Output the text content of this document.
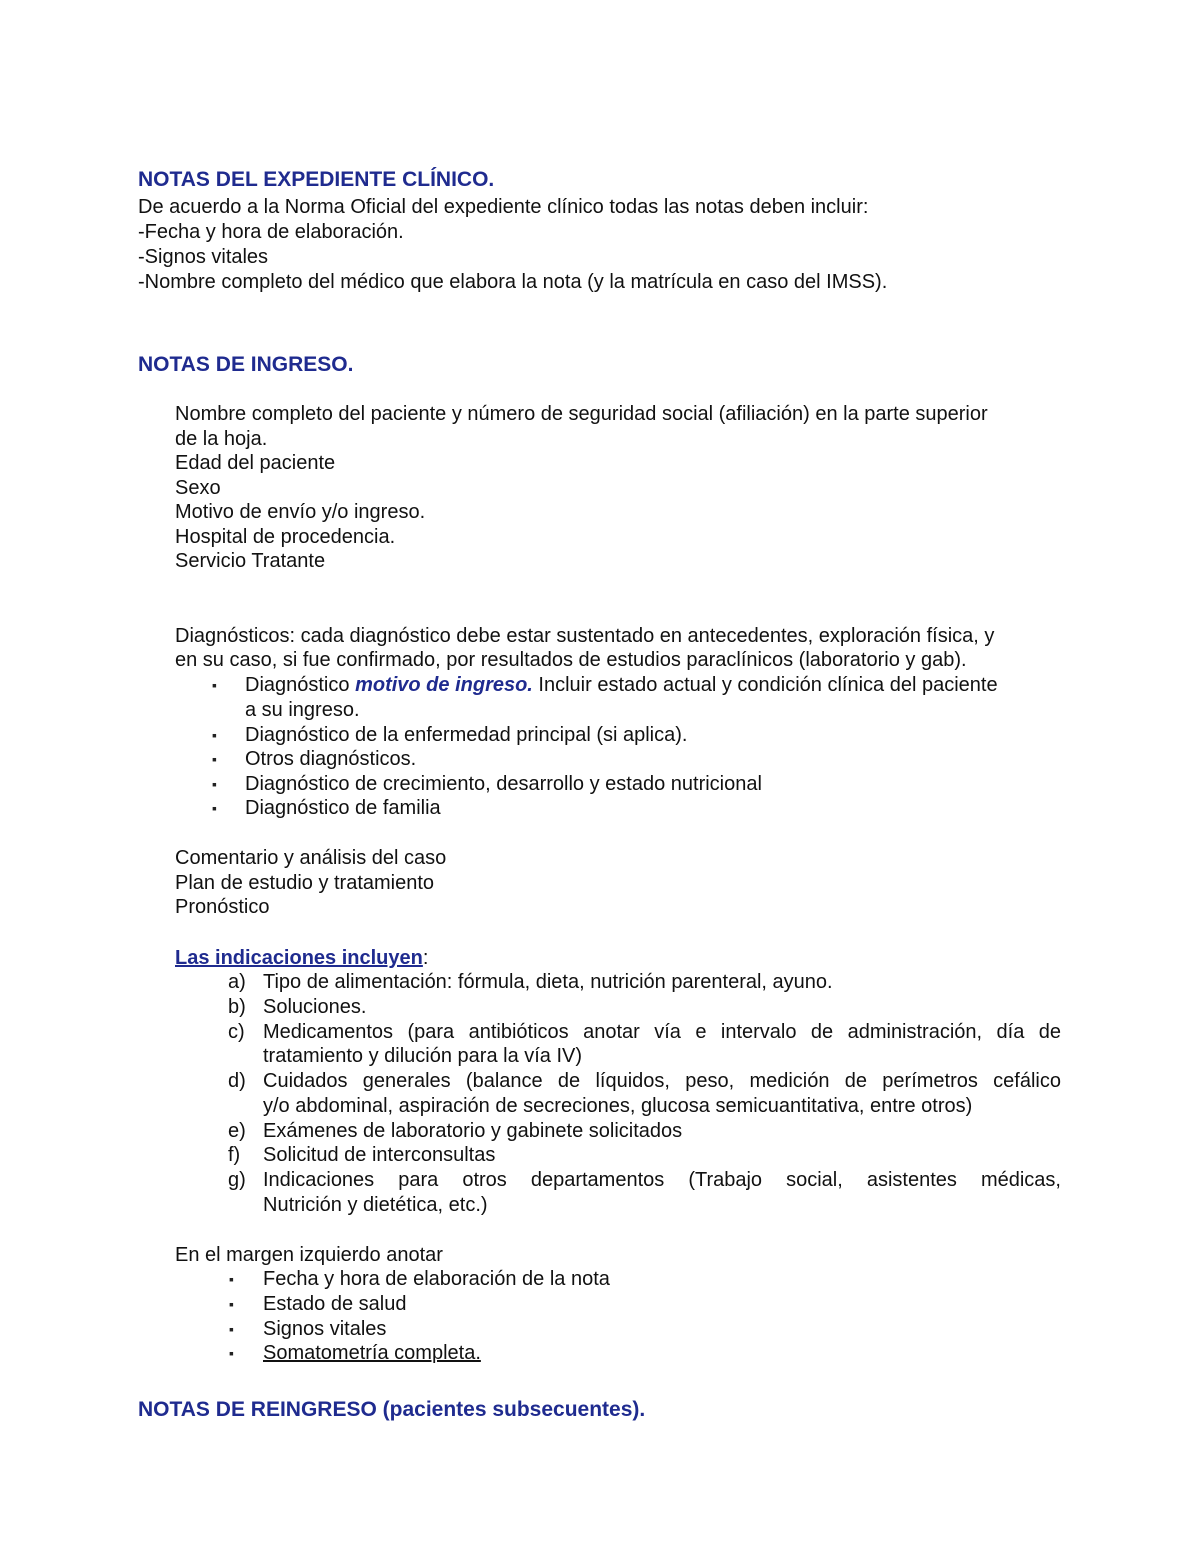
NOTAS DEL EXPEDIENTE CLÍNICO.
De acuerdo a la Norma Oficial del expediente clínico todas las notas deben incluir:
-Fecha y hora de elaboración.
-Signos vitales
-Nombre completo del médico que elabora la nota (y la matrícula en caso del IMSS).
NOTAS DE INGRESO.
Nombre completo del paciente y número de seguridad social (afiliación) en la parte superior
de la hoja.
Edad del paciente
Sexo
Motivo de envío y/o ingreso.
Hospital de procedencia.
Servicio Tratante
Diagnósticos: cada diagnóstico debe estar sustentado en antecedentes, exploración física, y
en su caso, si fue confirmado, por resultados de estudios paraclínicos (laboratorio y gab).
▪ Diagnóstico motivo de ingreso. Incluir estado actual y condición clínica del paciente
a su ingreso.
▪ Diagnóstico de la enfermedad principal (si aplica).
▪ Otros diagnósticos.
▪ Diagnóstico de crecimiento, desarrollo y estado nutricional
▪ Diagnóstico de familia
Comentario y análisis del caso
Plan de estudio y tratamiento
Pronóstico
Las indicaciones incluyen:
a) Tipo de alimentación: fórmula, dieta, nutrición parenteral, ayuno.
b) Soluciones.
c) Medicamentos (para antibióticos anotar vía e intervalo de administración, día de
tratamiento y dilución para la vía IV)
d) Cuidados generales (balance de líquidos, peso, medición de perímetros cefálico
y/o abdominal, aspiración de secreciones, glucosa semicuantitativa, entre otros)
e) Exámenes de laboratorio y gabinete solicitados
f) Solicitud de interconsultas
g) Indicaciones para otros departamentos (Trabajo social, asistentes médicas,
Nutrición y dietética, etc.)
En el margen izquierdo anotar
▪ Fecha y hora de elaboración de la nota
▪ Estado de salud
▪ Signos vitales
▪ Somatometría completa.
NOTAS DE REINGRESO (pacientes subsecuentes).
